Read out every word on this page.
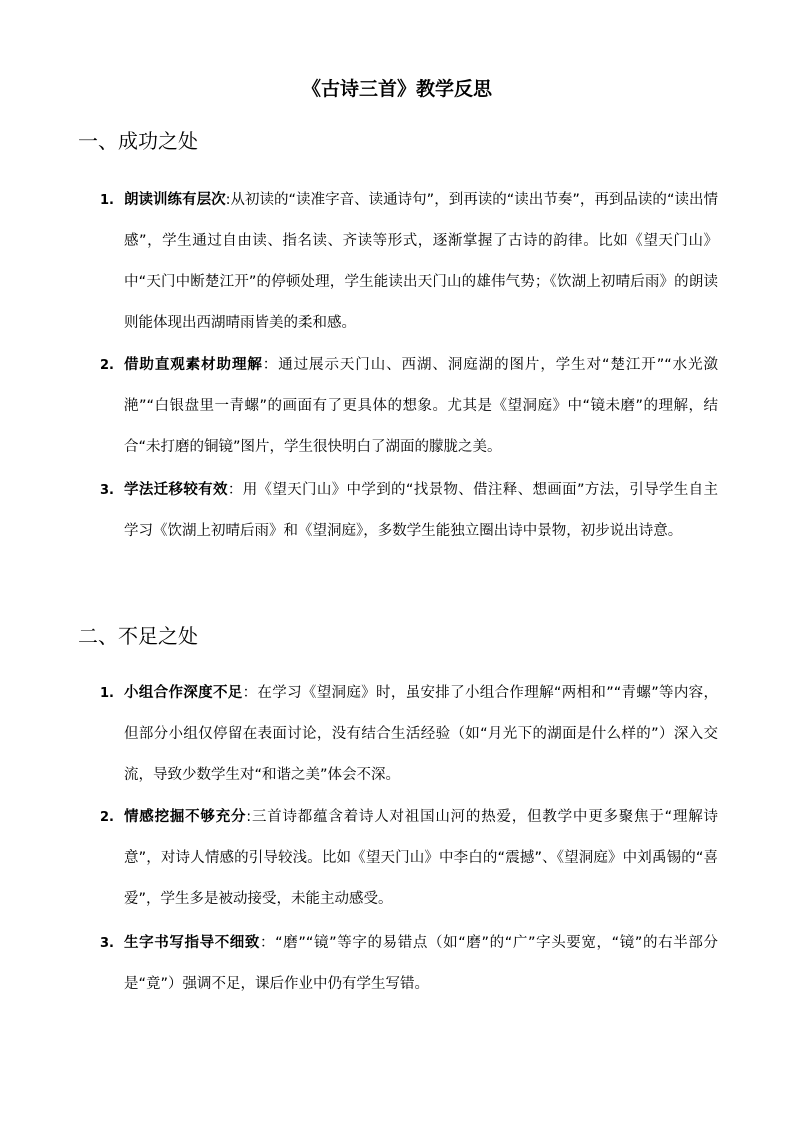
《古诗三首》教学反思
一、成功之处
1. 朗读训练有层次:从初读的“读准字音、读通诗句”，到再读的“读出节奏”，再到品读的“读出情感”，学生通过自由读、指名读、齐读等形式，逐渐掌握了古诗的韵律。比如《望天门山》中“天门中断楚江开”的停顿处理，学生能读出天门山的雄伟气势；《饮湖上初晴后雨》的朗读则能体现出西湖晴雨皆美的柔和感。
2. 借助直观素材助理解：通过展示天门山、西湖、洞庭湖的图片，学生对“楚江开”“水光潋滟”“白银盘里一青螺”的画面有了更具体的想象。尤其是《望洞庭》中“镜未磨”的理解，结合“未打磨的铜镜”图片，学生很快明白了湖面的朦胧之美。
3. 学法迁移较有效：用《望天门山》中学到的“找景物、借注释、想画面”方法，引导学生自主学习《饮湖上初晴后雨》和《望洞庭》，多数学生能独立圈出诗中景物，初步说出诗意。
二、不足之处
1. 小组合作深度不足：在学习《望洞庭》时，虽安排了小组合作理解“两相和”“青螺”等内容，但部分小组仅停留在表面讨论，没有结合生活经验（如“月光下的湖面是什么样的”）深入交流，导致少数学生对“和谐之美”体会不深。
2. 情感挖掘不够充分:三首诗都蕴含着诗人对祖国山河的热爱，但教学中更多聚焦于“理解诗意”，对诗人情感的引导较浅。比如《望天门山》中李白的“震撼”、《望洞庭》中刘禹锡的“喜爱”，学生多是被动接受，未能主动感受。
3. 生字书写指导不细致：“磨”“镜”等字的易错点（如“磨”的“广”字头要宽，“镜”的右半部分是“竟”）强调不足，课后作业中仍有学生写错。
